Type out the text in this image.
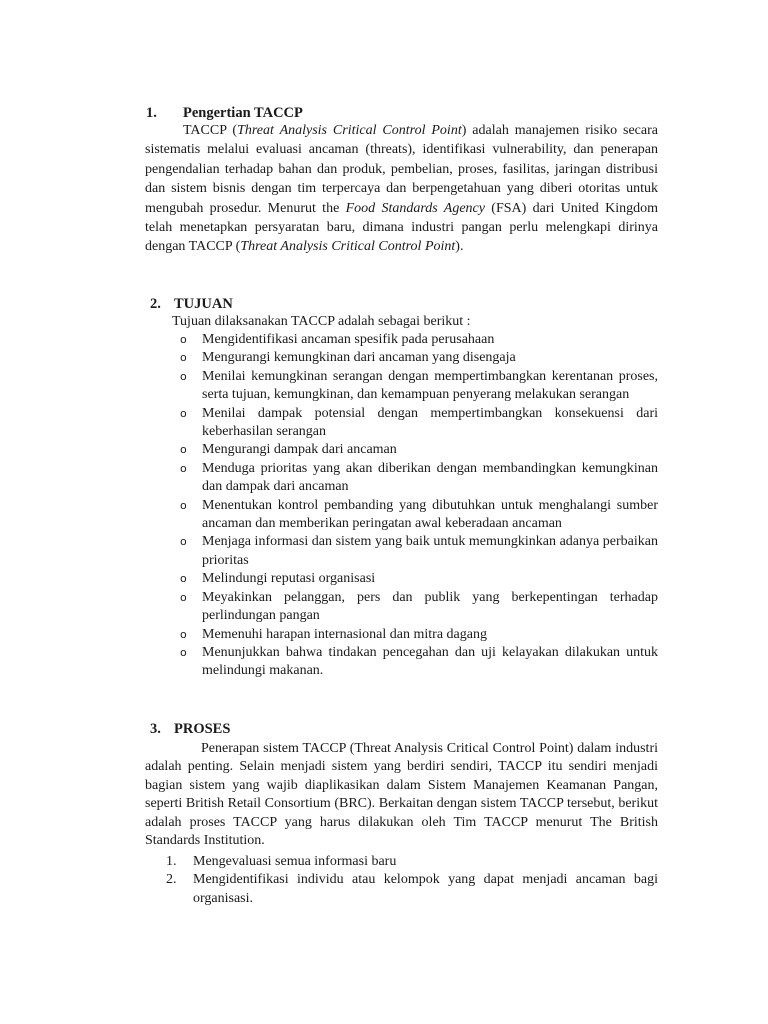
1. Pengertian TACCP
TACCP (Threat Analysis Critical Control Point) adalah manajemen risiko secara sistematis melalui evaluasi ancaman (threats), identifikasi vulnerability, dan penerapan pengendalian terhadap bahan dan produk, pembelian, proses, fasilitas, jaringan distribusi dan sistem bisnis dengan tim terpercaya dan berpengetahuan yang diberi otoritas untuk mengubah prosedur. Menurut the Food Standards Agency (FSA) dari United Kingdom telah menetapkan persyaratan baru, dimana industri pangan perlu melengkapi dirinya dengan TACCP (Threat Analysis Critical Control Point).
2. TUJUAN
Tujuan dilaksanakan TACCP adalah sebagai berikut :
o Mengidentifikasi ancaman spesifik pada perusahaan
o Mengurangi kemungkinan dari ancaman yang disengaja
o Menilai kemungkinan serangan dengan mempertimbangkan kerentanan proses, serta tujuan, kemungkinan, dan kemampuan penyerang melakukan serangan
o Menilai dampak potensial dengan mempertimbangkan konsekuensi dari keberhasilan serangan
o Mengurangi dampak dari ancaman
o Menduga prioritas yang akan diberikan dengan membandingkan kemungkinan dan dampak dari ancaman
o Menentukan kontrol pembanding yang dibutuhkan untuk menghalangi sumber ancaman dan memberikan peringatan awal keberadaan ancaman
o Menjaga informasi dan sistem yang baik untuk memungkinkan adanya perbaikan prioritas
o Melindungi reputasi organisasi
o Meyakinkan pelanggan, pers dan publik yang berkepentingan terhadap perlindungan pangan
o Memenuhi harapan internasional dan mitra dagang
o Menunjukkan bahwa tindakan pencegahan dan uji kelayakan dilakukan untuk melindungi makanan.
3. PROSES
Penerapan sistem TACCP (Threat Analysis Critical Control Point) dalam industri adalah penting. Selain menjadi sistem yang berdiri sendiri, TACCP itu sendiri menjadi bagian sistem yang wajib diaplikasikan dalam Sistem Manajemen Keamanan Pangan, seperti British Retail Consortium (BRC). Berkaitan dengan sistem TACCP tersebut, berikut adalah proses TACCP yang harus dilakukan oleh Tim TACCP menurut The British Standards Institution.
1. Mengevaluasi semua informasi baru
2. Mengidentifikasi individu atau kelompok yang dapat menjadi ancaman bagi organisasi.
